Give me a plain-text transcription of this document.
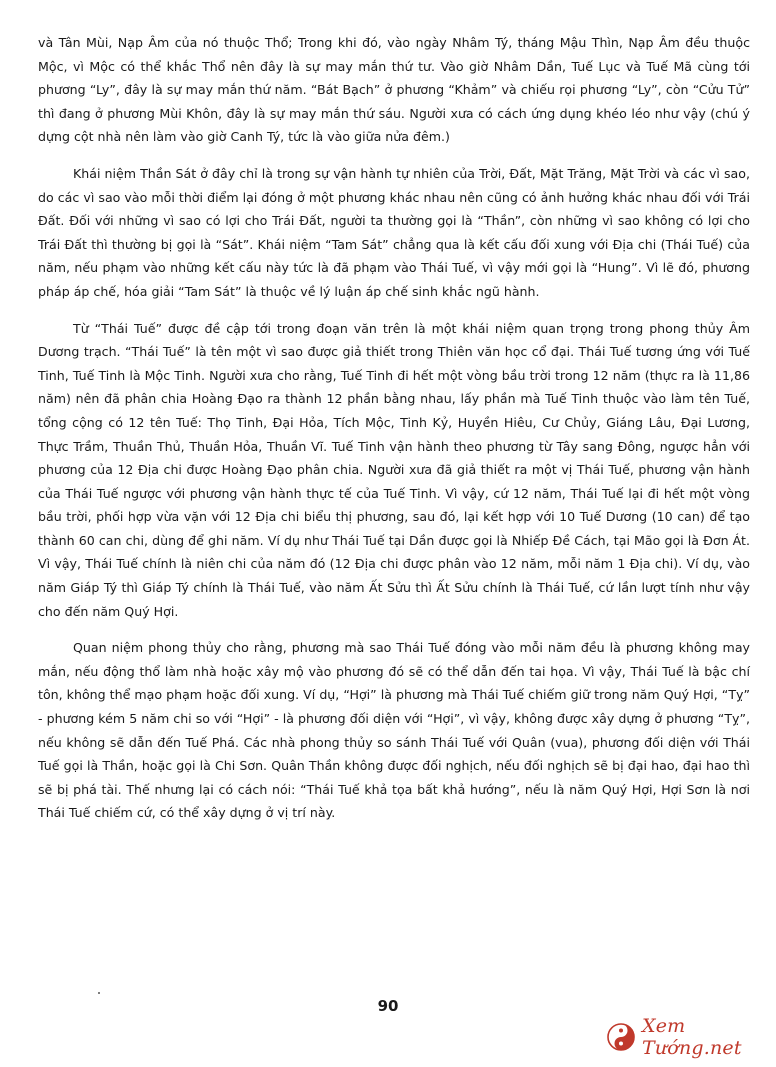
và Tân Mùi, Nạp Âm của nó thuộc Thổ; Trong khi đó, vào ngày Nhâm Tý, tháng Mậu Thìn, Nạp Âm đều thuộc Mộc, vì Mộc có thể khắc Thổ nên đây là sự may mắn thứ tư. Vào giờ Nhâm Dần, Tuế Lục và Tuế Mã cùng tới phương “Ly”, đây là sự may mắn thứ năm. “Bát Bạch” ở phương “Khảm” và chiếu rọi phương “Ly”, còn “Cửu Tử” thì đang ở phương Mùi Khôn, đây là sự may mắn thứ sáu. Người xưa có cách ứng dụng khéo léo như vậy (chú ý dựng cột nhà nên làm vào giờ Canh Tý, tức là vào giữa nửa đêm.)

Khái niệm Thần Sát ở đây chỉ là trong sự vận hành tự nhiên của Trời, Đất, Mặt Trăng, Mặt Trời và các vì sao, do các vì sao vào mỗi thời điểm lại đóng ở một phương khác nhau nên cũng có ảnh hưởng khác nhau đối với Trái Đất. Đối với những vì sao có lợi cho Trái Đất, người ta thường gọi là “Thần”, còn những vì sao không có lợi cho Trái Đất thì thường bị gọi là “Sát”. Khái niệm “Tam Sát” chẳng qua là kết cấu đối xung với Địa chi (Thái Tuế) của năm, nếu phạm vào những kết cấu này tức là đã phạm vào Thái Tuế, vì vậy mới gọi là “Hung”. Vì lẽ đó, phương pháp áp chế, hóa giải “Tam Sát” là thuộc về lý luận áp chế sinh khắc ngũ hành.

Từ “Thái Tuế” được đề cập tới trong đoạn văn trên là một khái niệm quan trọng trong phong thủy Âm Dương trạch. “Thái Tuế” là tên một vì sao được giả thiết trong Thiên văn học cổ đại. Thái Tuế tương ứng với Tuế Tinh, Tuế Tinh là Mộc Tinh. Người xưa cho rằng, Tuế Tinh đi hết một vòng bầu trời trong 12 năm (thực ra là 11,86 năm) nên đã phân chia Hoàng Đạo ra thành 12 phần bằng nhau, lấy phần mà Tuế Tinh thuộc vào làm tên Tuế, tổng cộng có 12 tên Tuế: Thọ Tinh, Đại Hỏa, Tích Mộc, Tinh Kỷ, Huyền Hiêu, Cư Chủy, Giáng Lâu, Đại Lương, Thực Trầm, Thuần Thủ, Thuần Hỏa, Thuần Vĩ. Tuế Tinh vận hành theo phương từ Tây sang Đông, ngược hẳn với phương của 12 Địa chi được Hoàng Đạo phân chia. Người xưa đã giả thiết ra một vị Thái Tuế, phương vận hành của Thái Tuế ngược với phương vận hành thực tế của Tuế Tinh. Vì vậy, cứ 12 năm, Thái Tuế lại đi hết một vòng bầu trời, phối hợp vừa vặn với 12 Địa chi biểu thị phương, sau đó, lại kết hợp với 10 Tuế Dương (10 can) để tạo thành 60 can chi, dùng để ghi năm. Ví dụ như Thái Tuế tại Dần được gọi là Nhiếp Đề Cách, tại Mão gọi là Đơn Át. Vì vậy, Thái Tuế chính là niên chi của năm đó (12 Địa chi được phân vào 12 năm, mỗi năm 1 Địa chi). Ví dụ, vào năm Giáp Tý thì Giáp Tý chính là Thái Tuế, vào năm Ất Sửu thì Ất Sửu chính là Thái Tuế, cứ lần lượt tính như vậy cho đến năm Quý Hợi.

Quan niệm phong thủy cho rằng, phương mà sao Thái Tuế đóng vào mỗi năm đều là phương không may mắn, nếu động thổ làm nhà hoặc xây mộ vào phương đó sẽ có thể dẫn đến tai họa. Vì vậy, Thái Tuế là bậc chí tôn, không thể mạo phạm hoặc đối xung. Ví dụ, “Hợi” là phương mà Thái Tuế chiếm giữ trong năm Quý Hợi, “Tỵ” - phương kém 5 năm chi so với “Hợi” - là phương đối diện với “Hợi”, vì vậy, không được xây dựng ở phương “Tỵ”, nếu không sẽ dẫn đến Tuế Phá. Các nhà phong thủy so sánh Thái Tuế với Quân (vua), phương đối diện với Thái Tuế gọi là Thần, hoặc gọi là Chi Sơn. Quân Thần không được đối nghịch, nếu đối nghịch sẽ bị đại hao, đại hao thì sẽ bị phá tài. Thế nhưng lại có cách nói: “Thái Tuế khả tọa bất khả hướng”, nếu là năm Quý Hợi, Hợi Sơn là nơi Thái Tuế chiếm cứ, có thể xây dựng ở vị trí này.

90
Xem Tướng.net
